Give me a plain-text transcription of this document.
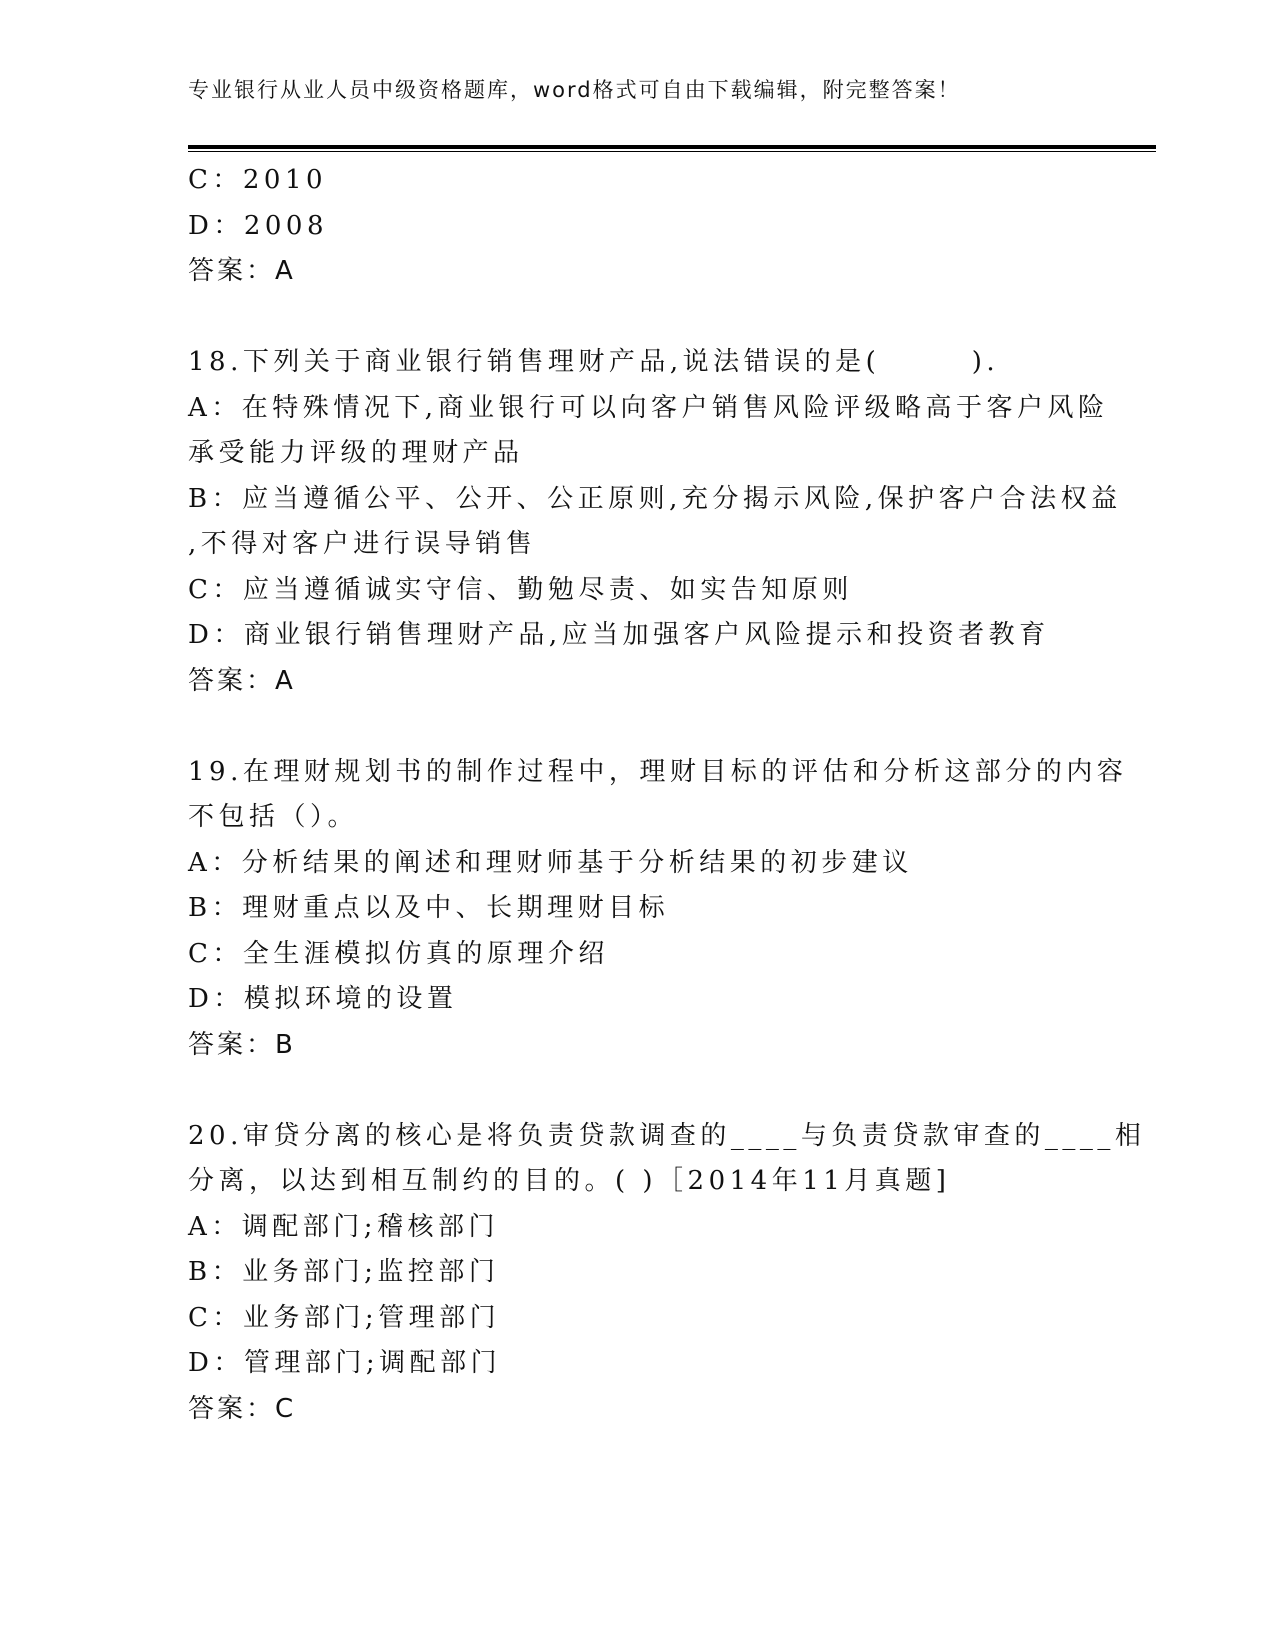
专业银行从业人员中级资格题库，word格式可自由下载编辑，附完整答案！
C：2010
D：2008
答案：A
18.下列关于商业银行销售理财产品,说法错误的是(　　　).
A：在特殊情况下,商业银行可以向客户销售风险评级略高于客户风险
承受能力评级的理财产品
B：应当遵循公平、公开、公正原则,充分揭示风险,保护客户合法权益
,不得对客户进行误导销售
C：应当遵循诚实守信、勤勉尽责、如实告知原则
D：商业银行销售理财产品,应当加强客户风险提示和投资者教育
答案：A
19.在理财规划书的制作过程中，理财目标的评估和分析这部分的内容
不包括（）。
A：分析结果的阐述和理财师基于分析结果的初步建议
B：理财重点以及中、长期理财目标
C：全生涯模拟仿真的原理介绍
D：模拟环境的设置
答案：B
20.审贷分离的核心是将负责贷款调查的____与负责贷款审查的____相
分离，以达到相互制约的目的。( )［2014年11月真题]
A：调配部门;稽核部门
B：业务部门;监控部门
C：业务部门;管理部门
D：管理部门;调配部门
答案：C
